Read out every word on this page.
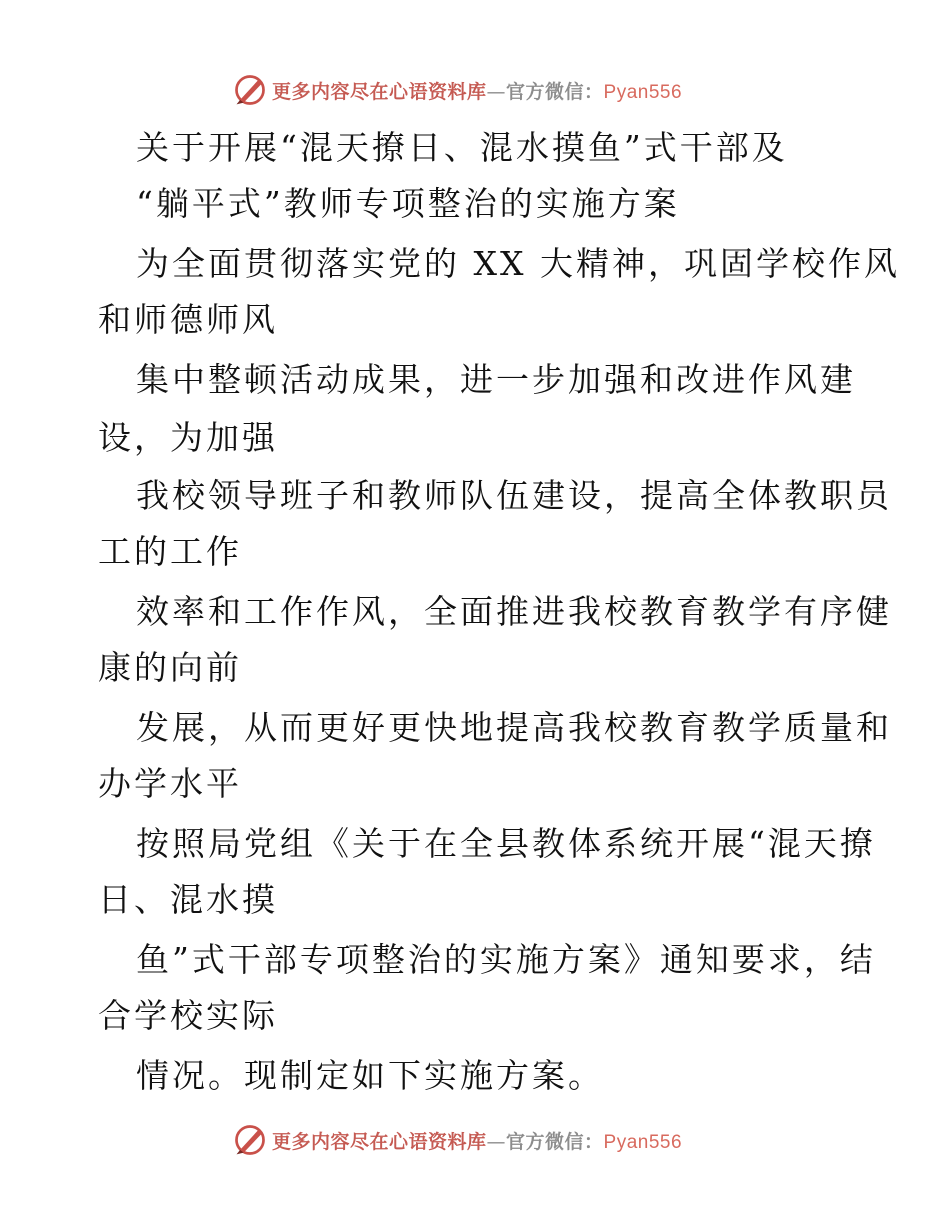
更多内容尽在心语资料库—官方微信：Pyan556
关于开展“混天撩日、混水摸鱼”式干部及
“躺平式”教师专项整治的实施方案
为全面贯彻落实党的 XX 大精神，巩固学校作风
和师德师风
集中整顿活动成果，进一步加强和改进作风建
设，为加强
我校领导班子和教师队伍建设，提高全体教职员
工的工作
效率和工作作风，全面推进我校教育教学有序健
康的向前
发展，从而更好更快地提高我校教育教学质量和
办学水平
按照局党组《关于在全县教体系统开展“混天撩
日、混水摸
鱼”式干部专项整治的实施方案》通知要求，结
合学校实际
情况。现制定如下实施方案。
更多内容尽在心语资料库—官方微信：Pyan556
